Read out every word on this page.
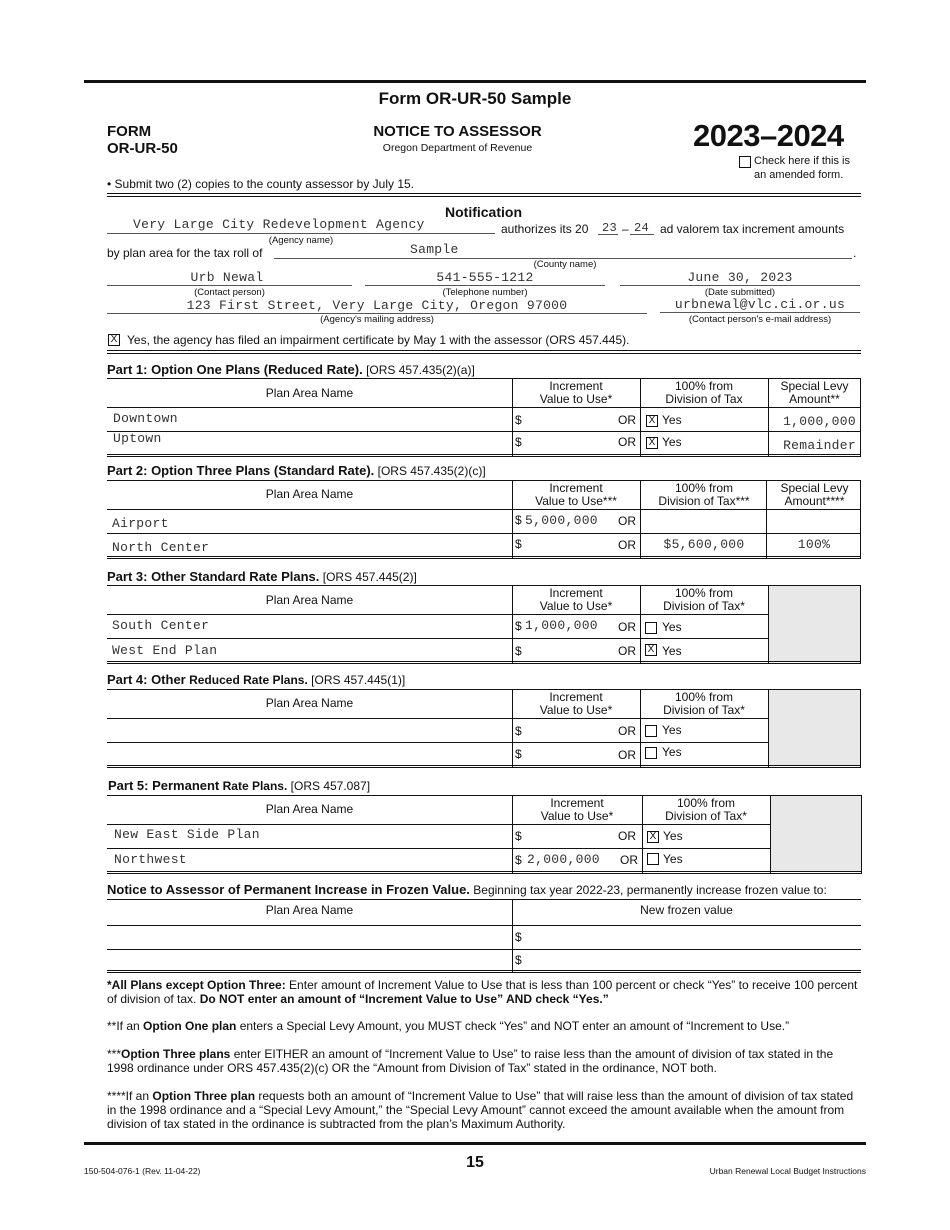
Form OR-UR-50 Sample
FORM
OR-UR-50
NOTICE TO ASSESSOR
Oregon Department of Revenue	2023–2024
Check here if this is
an amended form.
• Submit two (2) copies to the county assessor by July 15.
Notification
Very Large City Redevelopment Agency
(Agency name)
authorizes its 20 23 – 24 ad valorem tax increment amounts
by plan area for the tax roll of	Sample	.
(County name)
Urb Newal
(Contact person)
541-555-1212
(Telephone number)
June 30, 2023
(Date submitted)
123 First Street, Very Large City, Oregon 97000
(Agency's mailing address)
urbnewal@vlc.ci.or.us
(Contact person's e-mail address)
X Yes, the agency has filed an impairment certificate by May 1 with the assessor (ORS 457.445).
Part 1: Option One Plans (Reduced Rate). [ORS 457.435(2)(a)]
Plan Area Name	Increment
Value to Use*
100% from
Division of Tax
Special Levy
Amount**
Downtown	$	OR X Yes	1,000,000
Uptown	$	OR X Yes	Remainder
Part 2: Option Three Plans (Standard Rate). [ORS 457.435(2)(c)]
Plan Area Name	Increment
Value to Use***
100% from
Division of Tax***
Special Levy
Amount****
Airport	$ 5,000,000 OR
North Center	$	OR	$5,600,000	100%
Part 3: Other Standard Rate Plans. [ORS 457.445(2)]
Plan Area Name	Increment
Value to Use*
100% from
Division of Tax*
South Center	$ 1,000,000 OR Yes
West End Plan	$	OR X Yes
Part 4: Other Reduced Rate Plans. [ORS 457.445(1)]
Plan Area Name	Increment
Value to Use*
100% from
Division of Tax*
$	OR Yes
$	OR Yes
Part 5: Permanent Rate Plans. [ORS 457.087]
Plan Area Name	Increment
Value to Use*
100% from
Division of Tax*
New East Side Plan	$	OR X Yes
Northwest	$ 2,000,000 OR Yes
Notice to Assessor of Permanent Increase in Frozen Value. Beginning tax year 2022-23, permanently increase frozen value to:
Plan Area Name	New frozen value
$
$
*All Plans except Option Three: Enter amount of Increment Value to Use that is less than 100 percent or check “Yes” to receive 100 percent of division of tax. Do NOT enter an amount of “Increment Value to Use” AND check “Yes.”
**If an Option One plan enters a Special Levy Amount, you MUST check “Yes” and NOT enter an amount of “Increment to Use.”
***Option Three plans enter EITHER an amount of “Increment Value to Use” to raise less than the amount of division of tax stated in the 1998 ordinance under ORS 457.435(2)(c) OR the “Amount from Division of Tax” stated in the ordinance, NOT both.
****If an Option Three plan requests both an amount of “Increment Value to Use” that will raise less than the amount of division of tax stated in the 1998 ordinance and a “Special Levy Amount,” the “Special Levy Amount” cannot exceed the amount available when the amount from division of tax stated in the ordinance is subtracted from the plan’s Maximum Authority.
150-504-076-1 (Rev. 11-04-22)	15	Urban Renewal Local Budget Instructions
